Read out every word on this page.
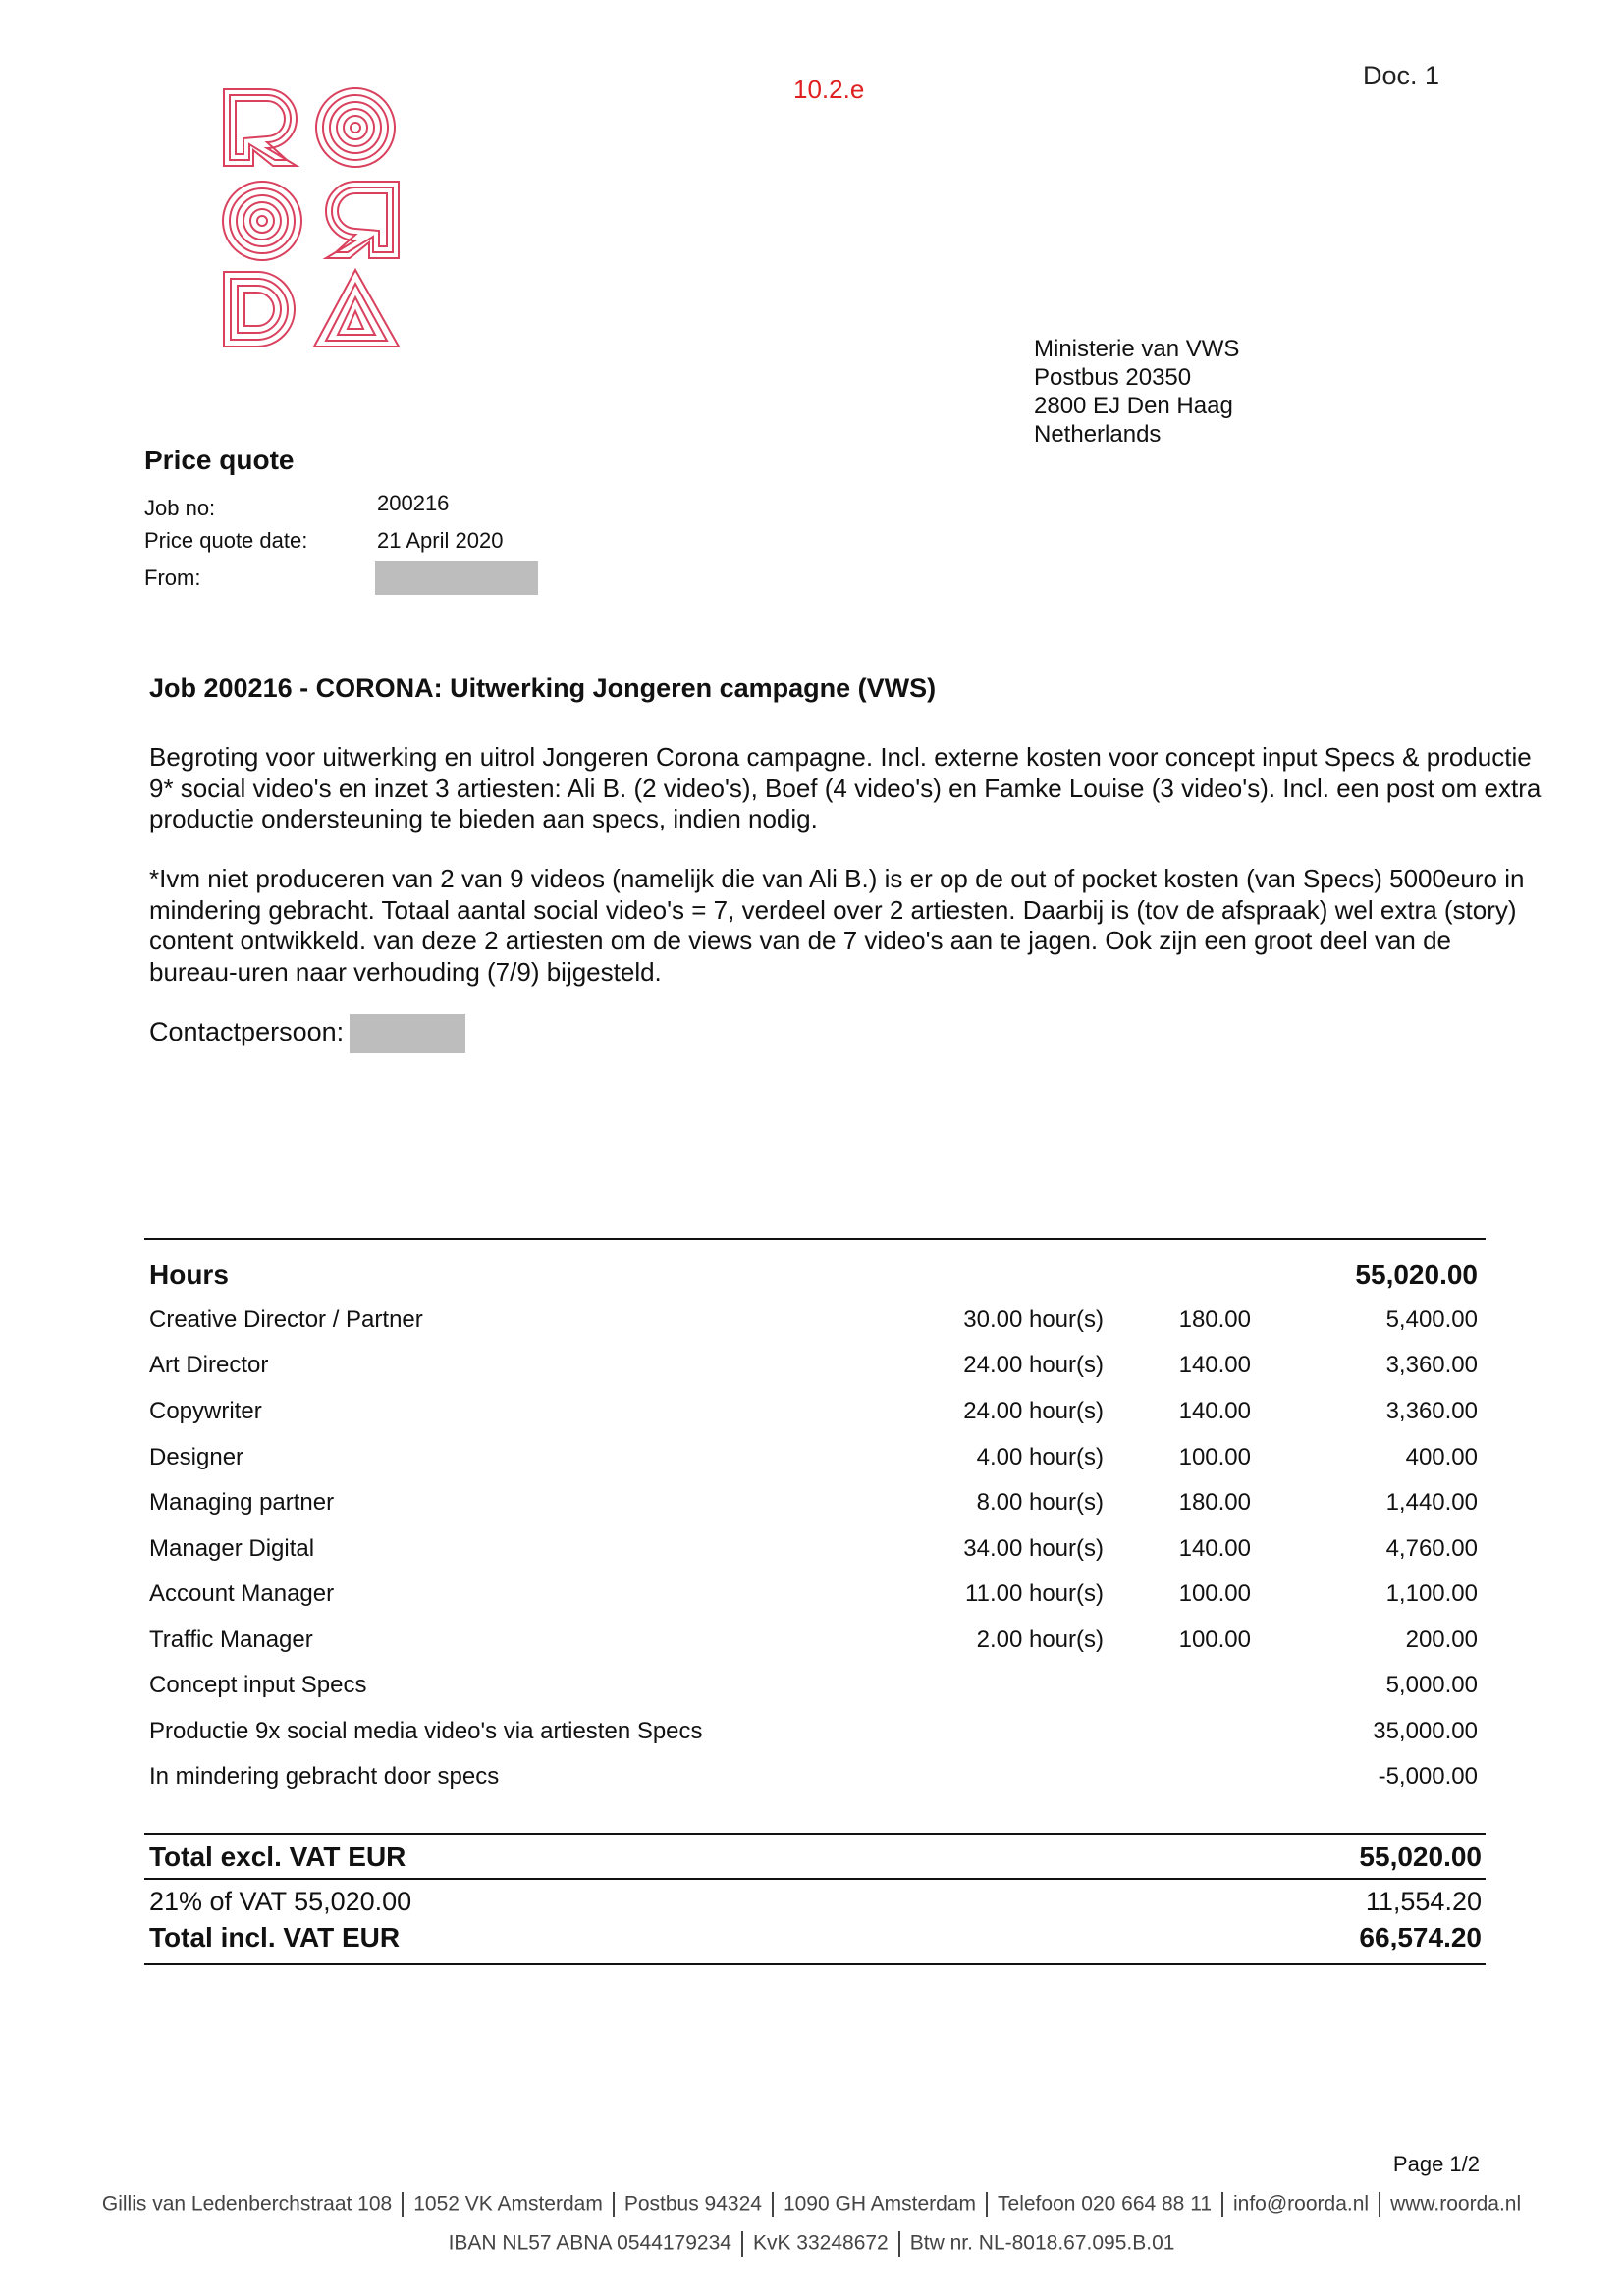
10.2.e	Doc. 1
Ministerie van VWS
Postbus 20350
2800 EJ Den Haag
Netherlands
Price quote
Job no:	200216
Price quote date:	21 April 2020
From:
Job 200216 - CORONA: Uitwerking Jongeren campagne (VWS)
Begroting voor uitwerking en uitrol Jongeren Corona campagne. Incl. externe kosten voor concept input Specs & productie 9* social video's en inzet 3 artiesten: Ali B. (2 video's), Boef (4 video's) en Famke Louise (3 video's). Incl. een post om extra productie ondersteuning te bieden aan specs, indien nodig.
*Ivm niet produceren van 2 van 9 videos (namelijk die van Ali B.) is er op de out of pocket kosten (van Specs) 5000euro in mindering gebracht. Totaal aantal social video's = 7, verdeel over 2 artiesten. Daarbij is (tov de afspraak) wel extra (story) content ontwikkeld. van deze 2 artiesten om de views van de 7 video's aan te jagen. Ook zijn een groot deel van de bureau-uren naar verhouding (7/9) bijgesteld.
Contactpersoon:
Hours	55,020.00
Creative Director / Partner	30.00 hour(s)	180.00	5,400.00
Art Director	24.00 hour(s)	140.00	3,360.00
Copywriter	24.00 hour(s)	140.00	3,360.00
Designer	4.00 hour(s)	100.00	400.00
Managing partner	8.00 hour(s)	180.00	1,440.00
Manager Digital	34.00 hour(s)	140.00	4,760.00
Account Manager	11.00 hour(s)	100.00	1,100.00
Traffic Manager	2.00 hour(s)	100.00	200.00
Concept input Specs	5,000.00
Productie 9x social media video's via artiesten Specs	35,000.00
In mindering gebracht door specs	-5,000.00
Total excl. VAT EUR	55,020.00
21% of VAT 55,020.00	11,554.20
Total incl. VAT EUR	66,574.20
Page 1/2
Gillis van Ledenberchstraat 108 1052 VK Amsterdam Postbus 94324 1090 GH Amsterdam Telefoon 020 664 88 11 info@roorda.nl www.roorda.nl
IBAN NL57 ABNA 0544179234 KvK 33248672 Btw nr. NL-8018.67.095.B.01
